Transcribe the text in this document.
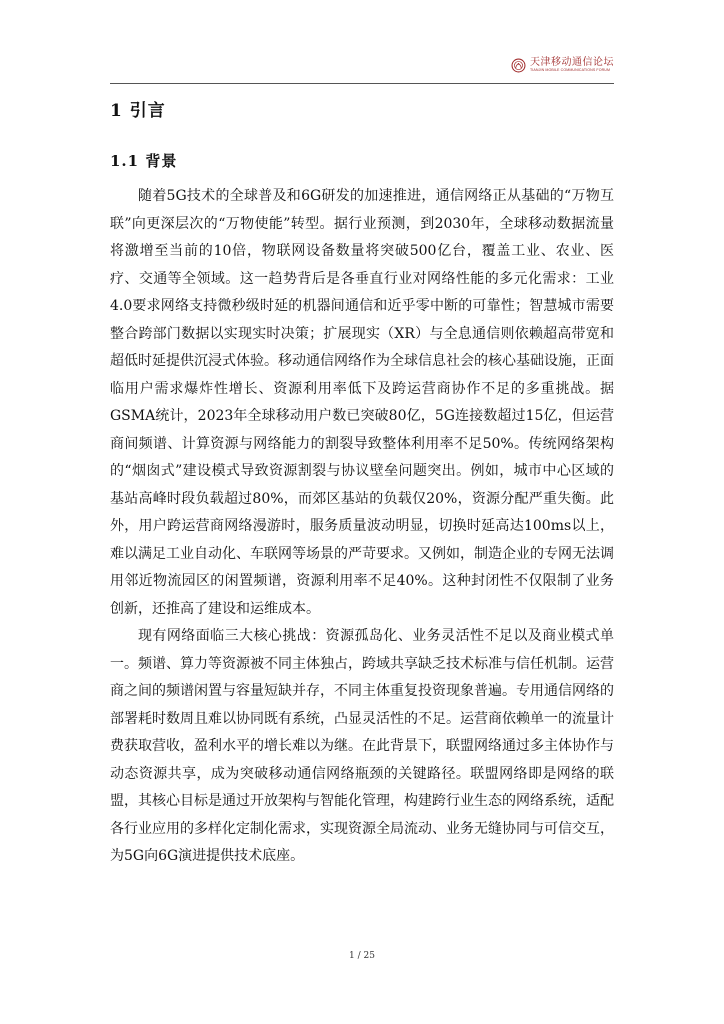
天津移动通信论坛
TIANJIN MOBILE COMMUNICATIONS FORUM
1 引言
1.1 背景

随着5G技术的全球普及和6G研发的加速推进，通信网络正从基础的“万物互联”向更深层次的“万物使能”转型。据行业预测，到2030年，全球移动数据流量将激增至当前的10倍，物联网设备数量将突破500亿台，覆盖工业、农业、医疗、交通等全领域。这一趋势背后是各垂直行业对网络性能的多元化需求：工业4.0要求网络支持微秒级时延的机器间通信和近乎零中断的可靠性；智慧城市需要整合跨部门数据以实现实时决策；扩展现实（XR）与全息通信则依赖超高带宽和超低时延提供沉浸式体验。移动通信网络作为全球信息社会的核心基础设施，正面临用户需求爆炸性增长、资源利用率低下及跨运营商协作不足的多重挑战。据GSMA统计，2023年全球移动用户数已突破80亿，5G连接数超过15亿，但运营商间频谱、计算资源与网络能力的割裂导致整体利用率不足50%。传统网络架构的“烟囱式”建设模式导致资源割裂与协议壁垒问题突出。例如，城市中心区域的基站高峰时段负载超过80%，而郊区基站的负载仅20%，资源分配严重失衡。此外，用户跨运营商网络漫游时，服务质量波动明显，切换时延高达100ms以上，难以满足工业自动化、车联网等场景的严苛要求。又例如，制造企业的专网无法调用邻近物流园区的闲置频谱，资源利用率不足40%。这种封闭性不仅限制了业务创新，还推高了建设和运维成本。

现有网络面临三大核心挑战：资源孤岛化、业务灵活性不足以及商业模式单一。频谱、算力等资源被不同主体独占，跨域共享缺乏技术标准与信任机制。运营商之间的频谱闲置与容量短缺并存，不同主体重复投资现象普遍。专用通信网络的部署耗时数周且难以协同既有系统，凸显灵活性的不足。运营商依赖单一的流量计费获取营收，盈利水平的增长难以为继。在此背景下，联盟网络通过多主体协作与动态资源共享，成为突破移动通信网络瓶颈的关键路径。联盟网络即是网络的联盟，其核心目标是通过开放架构与智能化管理，构建跨行业生态的网络系统，适配各行业应用的多样化定制化需求，实现资源全局流动、业务无缝协同与可信交互，为5G向6G演进提供技术底座。

1 / 25
